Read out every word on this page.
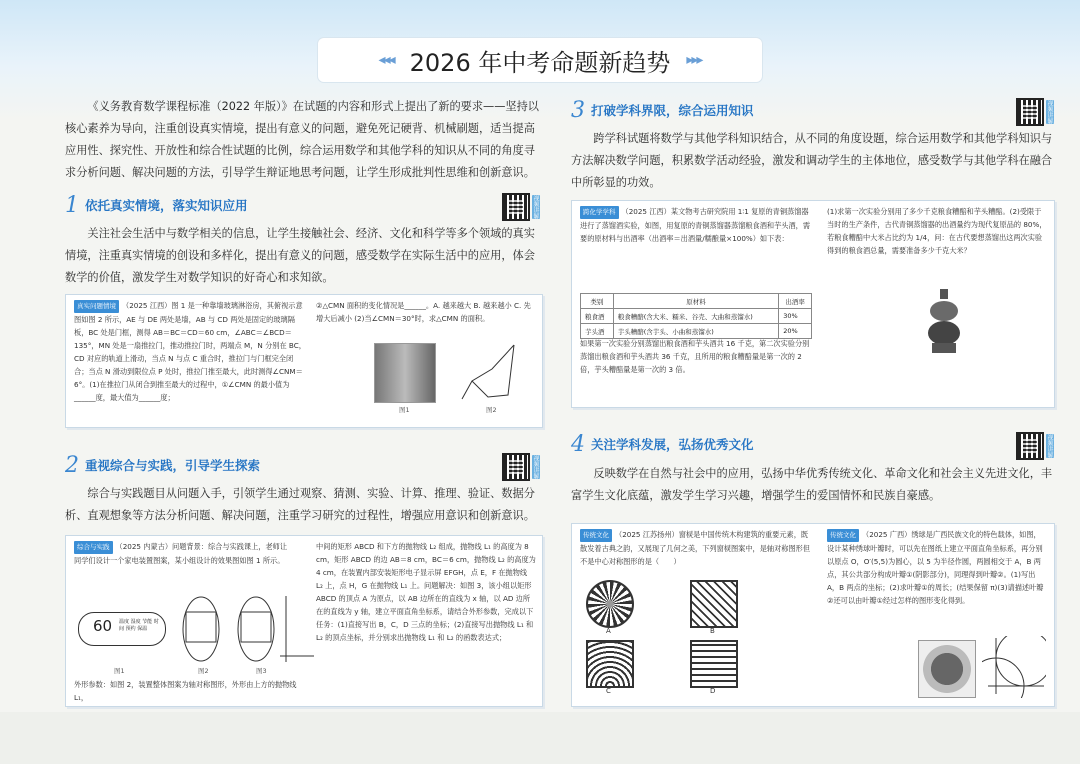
◂◂◂ 2026 年中考命题新趋势 ▸▸▸

《义务教育数学课程标准（2022 年版）》在试题的内容和形式上提出了新的要求——坚持以核心素养为导向，注重创设真实情境，提出有意义的问题，避免死记硬背、机械刷题，适当提高应用性、探究性、开放性和综合性试题的比例，综合运用数学和其他学科的知识从不同的角度寻求分析问题、解决问题的方法，引导学生辩证地思考问题，让学生形成批判性思维和创新意识。

1 依托真实情境，落实知识应用	视频讲解

关注社会生活中与数学相关的信息，让学生接触社会、经济、文化和科学等多个领域的真实情境，注重真实情境的创设和多样化，提出有意义的问题，感受数学在实际生活中的应用，体会数学的价值，激发学生对数学知识的好奇心和求知欲。

真实问题情境 （2025 江西）图 1 是一种靠墙玻璃淋浴房，其俯视示意图如图 2 所示，AE 与 DE 两处是墙，AB 与 CD 两处是固定的玻璃隔板，BC 处是门框，测得 AB＝BC＝CD＝60 cm，∠ABC＝∠BCD＝135°，MN 处是一扇推拉门，推动推拉门时，两端点 M，N 分别在 BC，CD 对应的轨道上滑动，当点 N 与点 C 重合时，推拉门与门框完全闭合；当点 N 滑动到限位点 P 处时，推拉门推至最大，此时测得∠CNM＝6°。(1)在推拉门从闭合到推至最大的过程中，①∠CMN 的最小值为______度，最大值为______度；
②△CMN 面积的变化情况是______。A. 越来越大 B. 越来越小 C. 先增大后减小 (2)当∠CMN＝30°时，求△CMN 的面积。
图1	图2
2 重视综合与实践，引导学生探索	视频讲解

综合与实践题目从问题入手，引领学生通过观察、猜测、实验、计算、推理、验证、数据分析、直观想象等方法分析问题、解决问题，注重学习研究的过程性，增强应用意识和创新意识。

综合与实践 （2025 内蒙古）问题背景：综合与实践课上，老师让同学们设计一个家电装置图案，某小组设计的效果图如图 1 所示。
60 温度 湿度 节能 时间 预约 保温
图1	图2	图3
外形参数：如图 2，装置整体图案为轴对称图形，外形由上方的抛物线 L₁，
中间的矩形 ABCD 和下方的抛物线 L₂ 组成，抛物线 L₁ 的高度为 8 cm，矩形 ABCD 的边 AB＝8 cm，BC＝6 cm，抛物线 L₂ 的高度为 4 cm，在装置内部安装矩形电子显示屏 EFGH，点 E，F 在抛物线 L₂ 上，点 H，G 在抛物线 L₁ 上。问题解决：如图 3，该小组以矩形 ABCD 的顶点 A 为原点，以 AB 边所在的直线为 x 轴，以 AD 边所在的直线为 y 轴，建立平面直角坐标系，请结合外形参数，完成以下任务：(1)直接写出 B，C，D 三点的坐标；(2)直接写出抛物线 L₁ 和 L₂ 的顶点坐标，并分别求出抛物线 L₁ 和 L₂ 的函数表达式；
3 打破学科界限，综合运用知识	视频讲解

跨学科试题将数学与其他学科知识结合，从不同的角度设题，综合运用数学和其他学科知识与方法解决数学问题，积累数学活动经验，激发和调动学生的主体地位，感受数学与其他学科在融合中所彰显的功效。

跨化学学科 （2025 江西）某文物考古研究院用 1∶1 复原的青铜蒸馏器进行了蒸馏酒实验，如图，用复原的青铜蒸馏器蒸馏粮食酒和芋头酒，需要的原材料与出酒率（出酒率＝出酒量/糯酿量×100%）如下表：
类别	原材料	出酒率
粮食酒	粮食糟醅(含大米、糯米、谷壳、大曲和蒸馏水)	30%
芋头酒	芋头糟醅(含芋头、小曲和蒸馏水)	20%
如果第一次实验分别蒸馏出粮食酒和芋头酒共 16 千克，第二次实验分别蒸馏出粮食酒和芋头酒共 36 千克，且所用的粮食糟醅量是第一次的 2 倍，芋头糟醅量是第一次的 3 倍。
(1)求第一次实验分别用了多少千克粮食糟醅和芋头糟醅。(2)受限于当时的生产条件，古代青铜蒸馏器的出酒量约为现代复原品的 80%，若粮食糟醅中大米占比约为 1/4，问：在古代要想蒸馏出这两次实验得到的粮食酒总量，需要准备多少千克大米？
4 关注学科发展，弘扬优秀文化	视频讲解

反映数学在自然与社会中的应用，弘扬中华优秀传统文化、革命文化和社会主义先进文化，丰富学生文化底蕴，激发学生学习兴趣，增强学生的爱国情怀和民族自豪感。

传统文化 （2025 江苏扬州）窗棂是中国传统木构建筑的重要元素，既散发着古典之韵，又展现了几何之美，下列窗棂图案中，是轴对称图形但不是中心对称图形的是（　　）
A	B
C	D
传统文化 （2025 广西）绣球是广西民族文化的特色载体，如图，设计某种绣球叶瓣时，可以先在图纸上建立平面直角坐标系，再分别以原点 O，O′(5,5)为圆心，以 5 为半径作圆，两圆相交于 A，B 两点，其公共部分构成叶瓣①(阴影部分)，同理得到叶瓣②。(1)写出 A，B 两点的坐标；(2)求叶瓣①的周长；(结果保留 π)(3)请描述叶瓣②还可以由叶瓣①经过怎样的图形变化得到。
